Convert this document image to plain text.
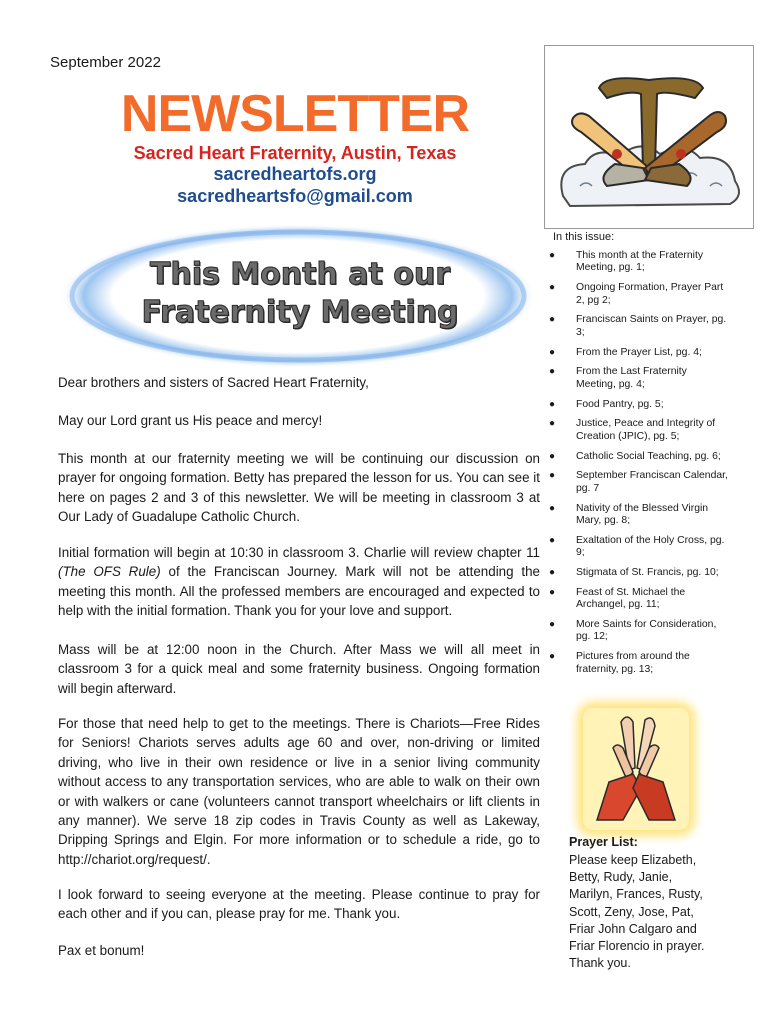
September 2022
NEWSLETTER
Sacred Heart Fraternity, Austin, Texas
sacredheartofs.org
sacredheartsfo@gmail.com
This Month at our Fraternity Meeting
Dear brothers and sisters of Sacred Heart Fraternity,
May our Lord grant us His peace and mercy!
This month at our fraternity meeting we will be continuing our discussion on prayer for ongoing formation. Betty has prepared the lesson for us. You can see it here on pages 2 and 3 of this newsletter. We will be meeting in classroom 3 at Our Lady of Guadalupe Catholic Church.
Initial formation will begin at 10:30 in classroom 3. Charlie will review chapter 11 (The OFS Rule) of the Franciscan Journey. Mark will not be attending the meeting this month. All the professed members are encouraged and expected to help with the initial formation. Thank you for your love and support.
Mass will be at 12:00 noon in the Church. After Mass we will all meet in classroom 3 for a quick meal and some fraternity business. Ongoing formation will begin afterward.
For those that need help to get to the meetings. There is Chariots—Free Rides for Seniors! Chariots serves adults age 60 and over, non-driving or limited driving, who live in their own residence or live in a senior living community without access to any transportation services, who are able to walk on their own or with walkers or cane (volunteers cannot transport wheelchairs or lift clients in any manner). We serve 18 zip codes in Travis County as well as Lakeway, Dripping Springs and Elgin. For more information or to schedule a ride, go to http://chariot.org/request/.
I look forward to seeing everyone at the meeting. Please continue to pray for each other and if you can, please pray for me. Thank you.
Pax et bonum!
In this issue:
● This month at the Fraternity Meeting, pg. 1;
● Ongoing Formation, Prayer Part 2, pg 2;
● Franciscan Saints on Prayer, pg. 3;
● From the Prayer List, pg. 4;
● From the Last Fraternity Meeting, pg. 4;
● Food Pantry, pg. 5;
● Justice, Peace and Integrity of Creation (JPIC), pg. 5;
● Catholic Social Teaching, pg. 6;
● September Franciscan Calendar, pg. 7
● Nativity of the Blessed Virgin Mary, pg. 8;
● Exaltation of the Holy Cross, pg. 9;
● Stigmata of St. Francis, pg. 10;
● Feast of St. Michael the Archangel, pg. 11;
● More Saints for Consideration, pg. 12;
● Pictures from around the fraternity, pg. 13;
Prayer List:
Please keep Elizabeth, Betty, Rudy, Janie, Marilyn, Frances, Rusty, Scott, Zeny, Jose, Pat, Friar John Calgaro and Friar Florencio in prayer. Thank you.
